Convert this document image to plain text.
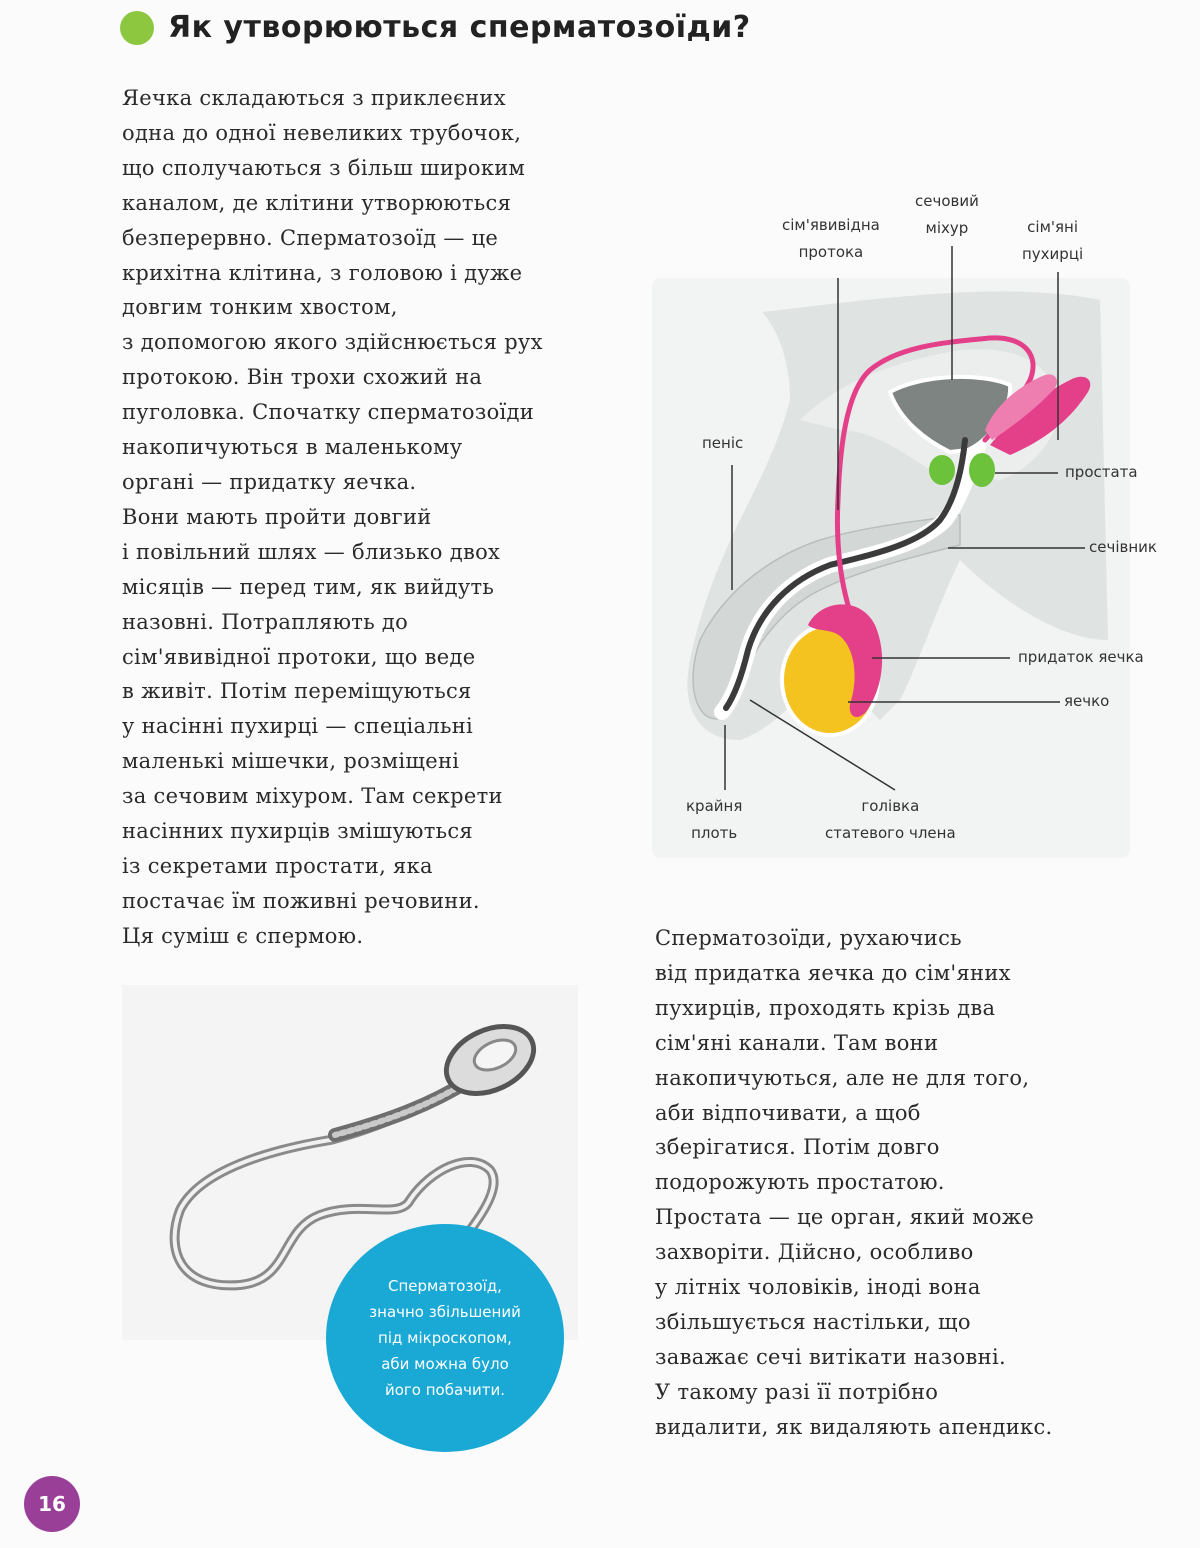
Як утворюються сперматозоїди?
Яечка складаються з приклеєних
одна до одної невеликих трубочок,
що сполучаються з більш широким
каналом, де клітини утворюються
безперервно. Сперматозоїд — це
крихітна клітина, з головою і дуже
довгим тонким хвостом,
з допомогою якого здійснюється рух
протокою. Він трохи схожий на
пуголовка. Спочатку сперматозоїди
накопичуються в маленькому
органі — придатку яечка.
Вони мають пройти довгий
і повільний шлях — близько двох
місяців — перед тим, як вийдуть
назовні. Потрапляють до
сім'явивідної протоки, що веде
в живіт. Потім переміщуються
у насінні пухирці — спеціальні
маленькі мішечки, розміщені
за сечовим міхуром. Там секрети
насінних пухирців змішуються
із секретами простати, яка
постачає їм поживні речовини.
Ця суміш є спермою.
сім'явивідна
протока
сечовий
міхур	сім'яні
пухирці
пеніс
простата
сечівник
придаток яечка
яечко
крайня
плоть
голівка
статевого члена
Сперматозоїди, рухаючись
від придатка яечка до сім'яних
пухирців, проходять крізь два
сім'яні канали. Там вони
накопичуються, але не для того,
аби відпочивати, а щоб
зберігатися. Потім довго
подорожують простатою.
Простата — це орган, який може
захворіти. Дійсно, особливо
у літніх чоловіків, іноді вона
збільшується настільки, що
заважає сечі витікати назовні.
У такому разі її потрібно
видалити, як видаляють апендикс.
Сперматозоїд,
значно збільшений
під мікроскопом,
аби можна було
його побачити.
16
